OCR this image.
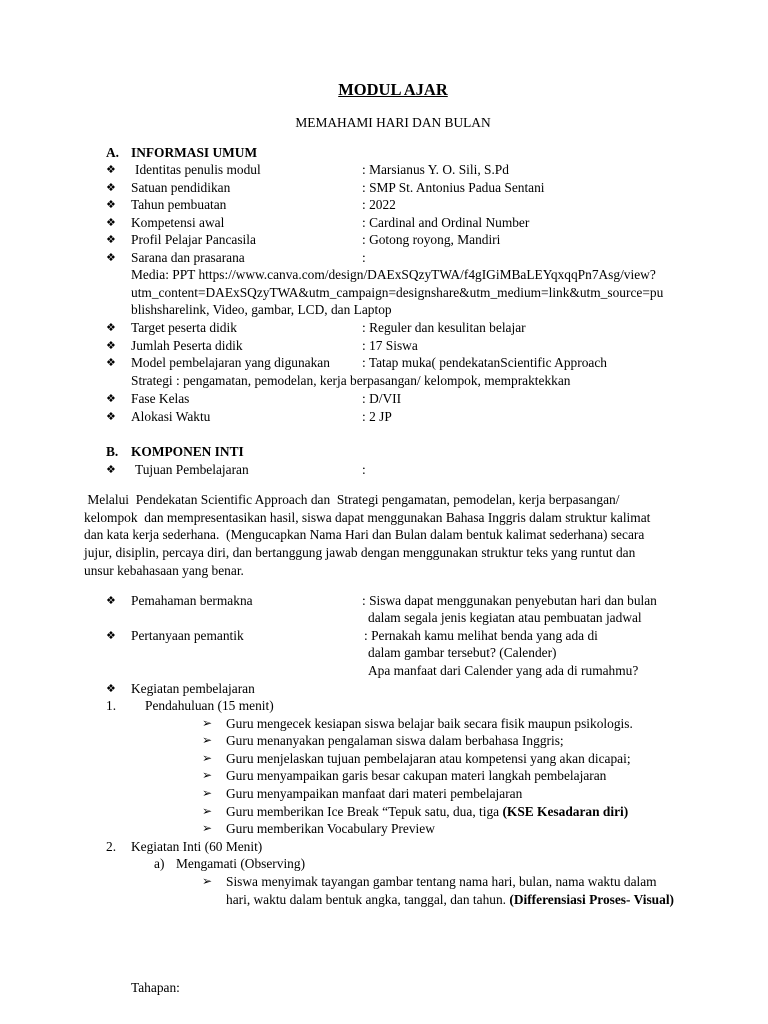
MODUL AJAR
MEMAHAMI HARI DAN BULAN
A. INFORMASI UMUM
❖ Identitas penulis modul	: Marsianus Y. O. Sili, S.Pd
❖ Satuan pendidikan	: SMP St. Antonius Padua Sentani
❖ Tahun pembuatan	: 2022
❖ Kompetensi awal	: Cardinal and Ordinal Number
❖ Profil Pelajar Pancasila	: Gotong royong, Mandiri
❖ Sarana dan prasarana	:
Media: PPT https://www.canva.com/design/DAExSQzyTWA/f4gIGiMBaLEYqxqqPn7Asg/view?
utm_content=DAExSQzyTWA&utm_campaign=designshare&utm_medium=link&utm_source=pu
blishsharelink, Video, gambar, LCD, dan Laptop
❖ Target peserta didik	: Reguler dan kesulitan belajar
❖ Jumlah Peserta didik	: 17 Siswa
❖ Model pembelajaran yang digunakan : Tatap muka( pendekatanScientific Approach
Strategi : pengamatan, pemodelan, kerja berpasangan/ kelompok, mempraktekkan
❖ Fase Kelas	: D/VII
❖ Alokasi Waktu	: 2 JP
B. KOMPONEN INTI
❖ Tujuan Pembelajaran	:
Melalui  Pendekatan Scientific Approach dan  Strategi pengamatan, pemodelan, kerja berpasangan/
kelompok  dan mempresentasikan hasil, siswa dapat menggunakan Bahasa Inggris dalam struktur kalimat
dan kata kerja sederhana.  (Mengucapkan Nama Hari dan Bulan dalam bentuk kalimat sederhana) secara
jujur, disiplin, percaya diri, dan bertanggung jawab dengan menggunakan struktur teks yang runtut dan
unsur kebahasaan yang benar.
❖ Pemahaman bermakna	: Siswa dapat menggunakan penyebutan hari dan bulan
dalam segala jenis kegiatan atau pembuatan jadwal
❖ Pertanyaan pemantik	: Pernakah kamu melihat benda yang ada di
dalam gambar tersebut? (Calender)
Apa manfaat dari Calender yang ada di rumahmu?
❖ Kegiatan pembelajaran
1. Pendahuluan (15 menit)
➢ Guru mengecek kesiapan siswa belajar baik secara fisik maupun psikologis.
➢ Guru menanyakan pengalaman siswa dalam berbahasa Inggris;
➢ Guru menjelaskan tujuan pembelajaran atau kompetensi yang akan dicapai;
➢ Guru menyampaikan garis besar cakupan materi langkah pembelajaran
➢ Guru menyampaikan manfaat dari materi pembelajaran
➢ Guru memberikan Ice Break “Tepuk satu, dua, tiga (KSE Kesadaran diri)
➢ Guru memberikan Vocabulary Preview
2. Kegiatan Inti (60 Menit)
a) Mengamati (Observing)
➢ Siswa menyimak tayangan gambar tentang nama hari, bulan, nama waktu dalam
hari, waktu dalam bentuk angka, tanggal, dan tahun. (Differensiasi Proses- Visual)
Tahapan:
